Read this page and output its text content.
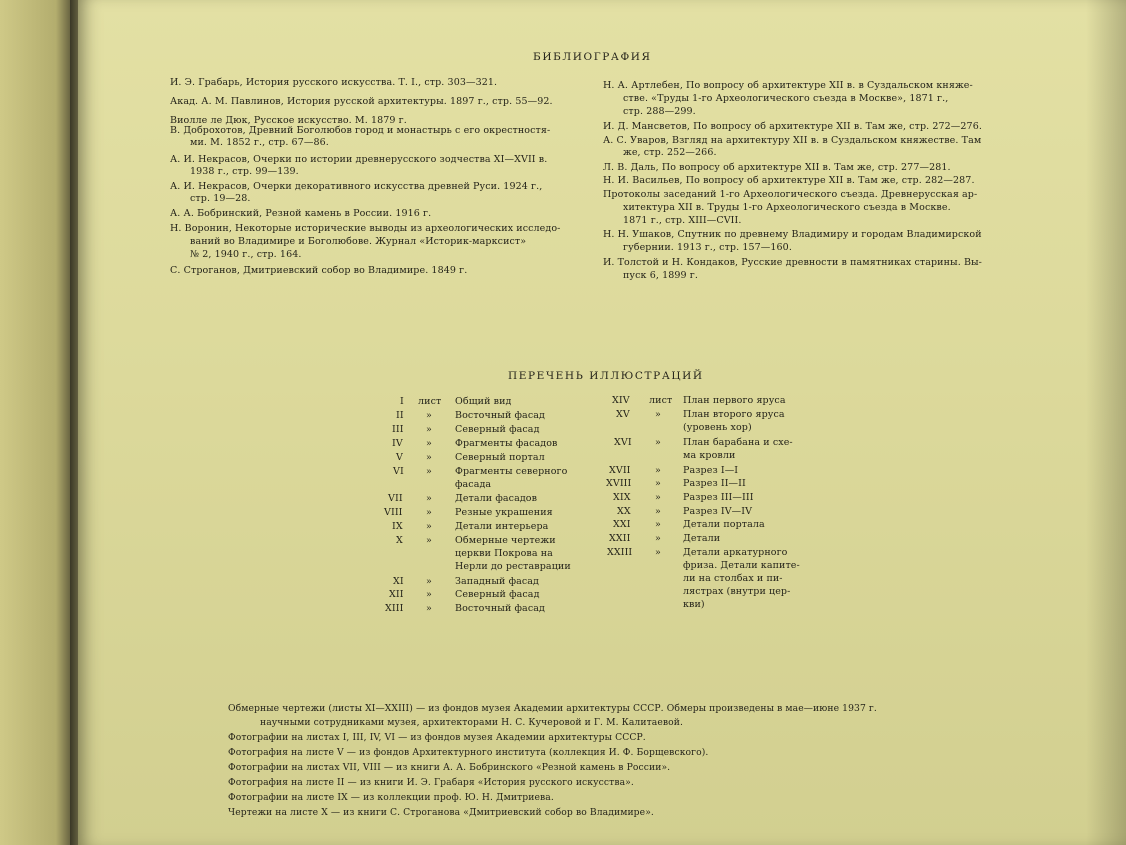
БИБЛИОГРАФИЯ
И. Э. Грабарь, История русского искусства. Т. I., стр. 303—321.
Акад. А. М. Павлинов, История русской архитектуры. 1897 г., стр. 55—92.
Виолле ле Дюк, Русское искусство. М. 1879 г.
В. Доброхотов, Древний Боголюбов город и монастырь с его окрестностя-
ми. М. 1852 г., стр. 67—86.
А. И. Некрасов, Очерки по истории древнерусского зодчества XI—XVII в.
1938 г., стр. 99—139.
А. И. Некрасов, Очерки декоративного искусства древней Руси. 1924 г.,
стр. 19—28.
А. А. Бобринский, Резной камень в России. 1916 г.
Н. Воронин, Некоторые исторические выводы из археологических исследо-
ваний во Владимире и Боголюбове. Журнал «Историк-марксист»
№ 2, 1940 г., стр. 164.
С. Строганов, Дмитриевский собор во Владимире. 1849 г.
Н. А. Артлебен, По вопросу об архитектуре XII в. в Суздальском княже-
стве. «Труды 1-го Археологического съезда в Москве», 1871 г.,
стр. 288—299.
И. Д. Мансветов, По вопросу об архитектуре XII в. Там же, стр. 272—276.
А. С. Уваров, Взгляд на архитектуру XII в. в Суздальском княжестве. Там
же, стр. 252—266.
Л. В. Даль, По вопросу об архитектуре XII в. Там же, стр. 277—281.
Н. И. Васильев, По вопросу об архитектуре XII в. Там же, стр. 282—287.
Протоколы заседаний 1-го Археологического съезда. Древнерусская ар-
хитектура XII в. Труды 1-го Археологического съезда в Москве.
1871 г., стр. XIII—CVII.
Н. Н. Ушаков, Спутник по древнему Владимиру и городам Владимирской
губернии. 1913 г., стр. 157—160.
И. Толстой и Н. Кондаков, Русские древности в памятниках старины. Вы-
пуск 6, 1899 г.
ПЕРЕЧЕНЬ ИЛЛЮСТРАЦИЙ
I лист Общий вид
II » Восточный фасад
III » Северный фасад
IV » Фрагменты фасадов
V » Северный портал
VI » Фрагменты северного
фасада
VII » Детали фасадов
VIII » Резные украшения
IX » Детали интерьера
X » Обмерные чертежи
церкви Покрова на
Нерли до реставрации
XI » Западный фасад
XII » Северный фасад
XIII » Восточный фасад
XIV лист План первого яруса
XV	» План второго яруса
(уровень хор)
XVI » План барабана и схе-
ма кровли
XVII	» Разрез I—I
XVIII » Разрез II—II
XIX	» Разрез III—III
XX	» Разрез IV—IV
XXI	» Детали портала
XXII	» Детали
XXIII » Детали аркатурного
фриза. Детали капите-
ли на столбах и пи-
лястрах (внутри цер-
кви)
Обмерные чертежи (листы XI—XXIII) — из фондов музея Академии архитектуры СССР. Обмеры произведены в мае—июне 1937 г.
научными сотрудниками музея, архитекторами Н. С. Кучеровой и Г. М. Калитаевой.
Фотографии на листах I, III, IV, VI — из фондов музея Академии архитектуры СССР.
Фотография на листе V — из фондов Архитектурного института (коллекция И. Ф. Борщевского).
Фотографии на листах VII, VIII — из книги А. А. Бобринского «Резной камень в России».
Фотография на листе II — из книги И. Э. Грабаря «История русского искусства».
Фотографии на листе IX — из коллекции проф. Ю. Н. Дмитриева.
Чертежи на листе X — из книги С. Строганова «Дмитриевский собор во Владимире».
